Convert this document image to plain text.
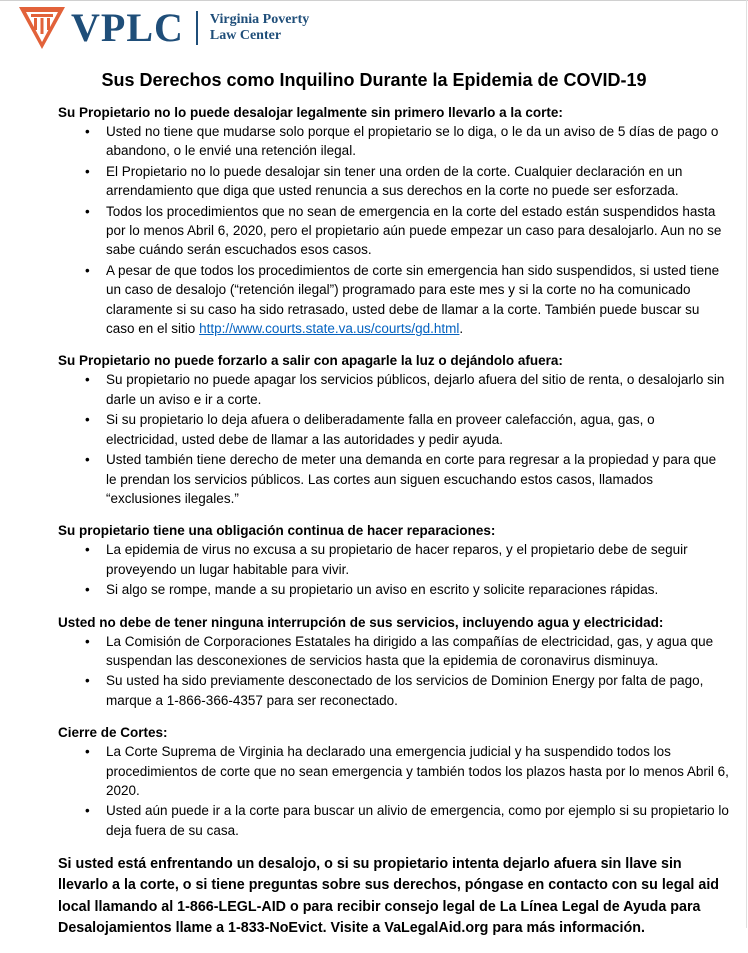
VPLC Virginia Poverty
Law Center
Sus Derechos como Inquilino Durante la Epidemia de COVID-19

Su Propietario no lo puede desalojar legalmente sin primero llevarlo a la corte:

• Usted no tiene que mudarse solo porque el propietario se lo diga, o le da un aviso de 5 días de pago o abandono, o le envié una retención ilegal.
• El Propietario no lo puede desalojar sin tener una orden de la corte. Cualquier declaración en un arrendamiento que diga que usted renuncia a sus derechos en la corte no puede ser esforzada.
• Todos los procedimientos que no sean de emergencia en la corte del estado están suspendidos hasta por lo menos Abril 6, 2020, pero el propietario aún puede empezar un caso para desalojarlo. Aun no se sabe cuándo serán escuchados esos casos.
• A pesar de que todos los procedimientos de corte sin emergencia han sido suspendidos, si usted tiene un caso de desalojo (“retención ilegal”) programado para este mes y si la corte no ha comunicado claramente si su caso ha sido retrasado, usted debe de llamar a la corte. También puede buscar su caso en el sitio http://www.courts.state.va.us/courts/gd.html.

Su Propietario no puede forzarlo a salir con apagarle la luz o dejándolo afuera:

• Su propietario no puede apagar los servicios públicos, dejarlo afuera del sitio de renta, o desalojarlo sin darle un aviso e ir a corte.
• Si su propietario lo deja afuera o deliberadamente falla en proveer calefacción, agua, gas, o electricidad, usted debe de llamar a las autoridades y pedir ayuda.
• Usted también tiene derecho de meter una demanda en corte para regresar a la propiedad y para que le prendan los servicios públicos. Las cortes aun siguen escuchando estos casos, llamados “exclusiones ilegales.”

Su propietario tiene una obligación continua de hacer reparaciones:

• La epidemia de virus no excusa a su propietario de hacer reparos, y el propietario debe de seguir proveyendo un lugar habitable para vivir.
• Si algo se rompe, mande a su propietario un aviso en escrito y solicite reparaciones rápidas.

Usted no debe de tener ninguna interrupción de sus servicios, incluyendo agua y electricidad:

• La Comisión de Corporaciones Estatales ha dirigido a las compañías de electricidad, gas, y agua que suspendan las desconexiones de servicios hasta que la epidemia de coronavirus disminuya.
• Su usted ha sido previamente desconectado de los servicios de Dominion Energy por falta de pago, marque a 1-866-366-4357 para ser reconectado.

Cierre de Cortes:

• La Corte Suprema de Virginia ha declarado una emergencia judicial y ha suspendido todos los procedimientos de corte que no sean emergencia y también todos los plazos hasta por lo menos Abril 6, 2020.
• Usted aún puede ir a la corte para buscar un alivio de emergencia, como por ejemplo si su propietario lo deja fuera de su casa.

Si usted está enfrentando un desalojo, o si su propietario intenta dejarlo afuera sin llave sin llevarlo a la corte, o si tiene preguntas sobre sus derechos, póngase en contacto con su legal aid local llamando al 1-866-LEGL-AID o para recibir consejo legal de La Línea Legal de Ayuda para Desalojamientos llame a 1-833-NoEvict. Visite a VaLegalAid.org para más información.
